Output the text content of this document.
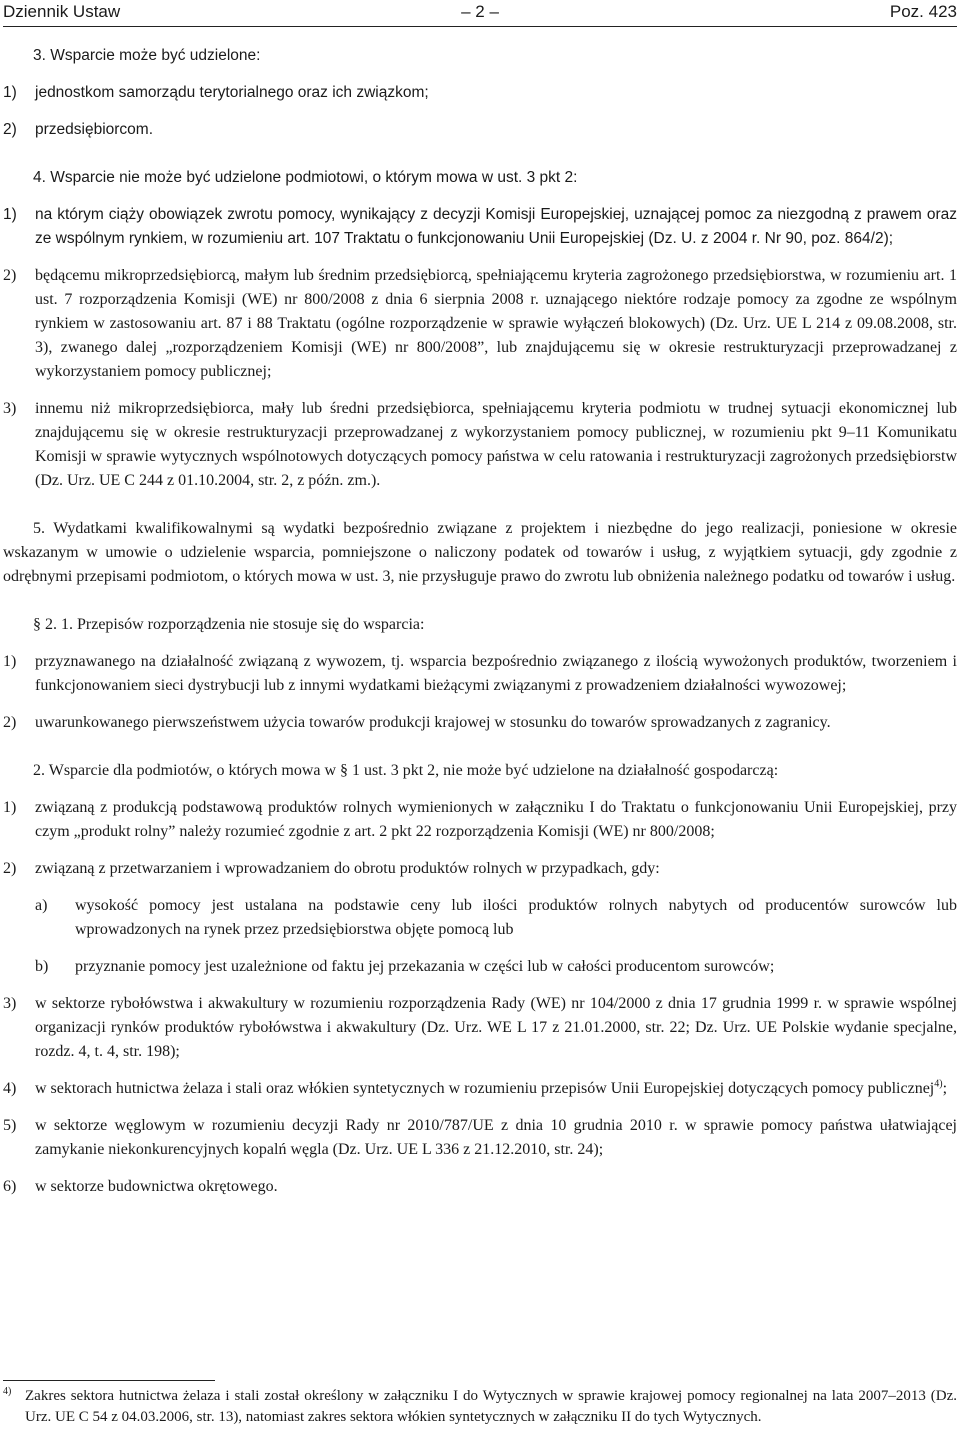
Dziennik Ustaw	– 2 –	Poz. 423

3. Wsparcie może być udzielone:

1) jednostkom samorządu terytorialnego oraz ich związkom;

2) przedsiębiorcom.

4. Wsparcie nie może być udzielone podmiotowi, o którym mowa w ust. 3 pkt 2:

1) na którym ciąży obowiązek zwrotu pomocy, wynikający z decyzji Komisji Europejskiej, uznającej pomoc za niezgodną z prawem oraz ze wspólnym rynkiem, w rozumieniu art. 107 Traktatu o funkcjonowaniu Unii Europejskiej (Dz. U. z 2004 r. Nr 90, poz. 864/2);

2) będącemu mikroprzedsiębiorcą, małym lub średnim przedsiębiorcą, spełniającemu kryteria zagrożonego przedsiębiorstwa, w rozumieniu art. 1 ust. 7 rozporządzenia Komisji (WE) nr 800/2008 z dnia 6 sierpnia 2008 r. uznającego niektóre rodzaje pomocy za zgodne ze wspólnym rynkiem w zastosowaniu art. 87 i 88 Traktatu (ogólne rozporządzenie w sprawie wyłączeń blokowych) (Dz. Urz. UE L 214 z 09.08.2008, str. 3), zwanego dalej „rozporządzeniem Komisji (WE) nr 800/2008”, lub znajdującemu się w okresie restrukturyzacji przeprowadzanej z wykorzystaniem pomocy publicznej;

3) innemu niż mikroprzedsiębiorca, mały lub średni przedsiębiorca, spełniającemu kryteria podmiotu w trudnej sytuacji ekonomicznej lub znajdującemu się w okresie restrukturyzacji przeprowadzanej z wykorzystaniem pomocy publicznej, w rozumieniu pkt 9–11 Komunikatu Komisji w sprawie wytycznych wspólnotowych dotyczących pomocy państwa w celu ratowania i restrukturyzacji zagrożonych przedsiębiorstw (Dz. Urz. UE C 244 z 01.10.2004, str. 2, z późn. zm.).

5. Wydatkami kwalifikowalnymi są wydatki bezpośrednio związane z projektem i niezbędne do jego realizacji, poniesione w okresie wskazanym w umowie o udzielenie wsparcia, pomniejszone o naliczony podatek od towarów i usług, z wyjątkiem sytuacji, gdy zgodnie z odrębnymi przepisami podmiotom, o których mowa w ust. 3, nie przysługuje prawo do zwrotu lub obniżenia należnego podatku od towarów i usług.

§ 2. 1. Przepisów rozporządzenia nie stosuje się do wsparcia:

1) przyznawanego na działalność związaną z wywozem, tj. wsparcia bezpośrednio związanego z ilością wywożonych produktów, tworzeniem i funkcjonowaniem sieci dystrybucji lub z innymi wydatkami bieżącymi związanymi z prowadzeniem działalności wywozowej;

2) uwarunkowanego pierwszeństwem użycia towarów produkcji krajowej w stosunku do towarów sprowadzanych z zagranicy.

2. Wsparcie dla podmiotów, o których mowa w § 1 ust. 3 pkt 2, nie może być udzielone na działalność gospodarczą:

1) związaną z produkcją podstawową produktów rolnych wymienionych w załączniku I do Traktatu o funkcjonowaniu Unii Europejskiej, przy czym „produkt rolny” należy rozumieć zgodnie z art. 2 pkt 22 rozporządzenia Komisji (WE) nr 800/2008;

2) związaną z przetwarzaniem i wprowadzaniem do obrotu produktów rolnych w przypadkach, gdy:

a) wysokość pomocy jest ustalana na podstawie ceny lub ilości produktów rolnych nabytych od producentów surowców lub wprowadzonych na rynek przez przedsiębiorstwa objęte pomocą lub

b) przyznanie pomocy jest uzależnione od faktu jej przekazania w części lub w całości producentom surowców;

3) w sektorze rybołówstwa i akwakultury w rozumieniu rozporządzenia Rady (WE) nr 104/2000 z dnia 17 grudnia 1999 r. w sprawie wspólnej organizacji rynków produktów rybołówstwa i akwakultury (Dz. Urz. WE L 17 z 21.01.2000, str. 22; Dz. Urz. UE Polskie wydanie specjalne, rozdz. 4, t. 4, str. 198);

4) w sektorach hutnictwa żelaza i stali oraz włókien syntetycznych w rozumieniu przepisów Unii Europejskiej dotyczących pomocy publicznej$^{4)}$;

5) w sektorze węglowym w rozumieniu decyzji Rady nr 2010/787/UE z dnia 10 grudnia 2010 r. w sprawie pomocy państwa ułatwiającej zamykanie niekonkurencyjnych kopalń węgla (Dz. Urz. UE L 336 z 21.12.2010, str. 24);

6) w sektorze budownictwa okrętowego.

4) Zakres sektora hutnictwa żelaza i stali został określony w załączniku I do Wytycznych w sprawie krajowej pomocy regionalnej na lata 2007–2013 (Dz. Urz. UE C 54 z 04.03.2006, str. 13), natomiast zakres sektora włókien syntetycznych w załączniku II do tych Wytycznych.
